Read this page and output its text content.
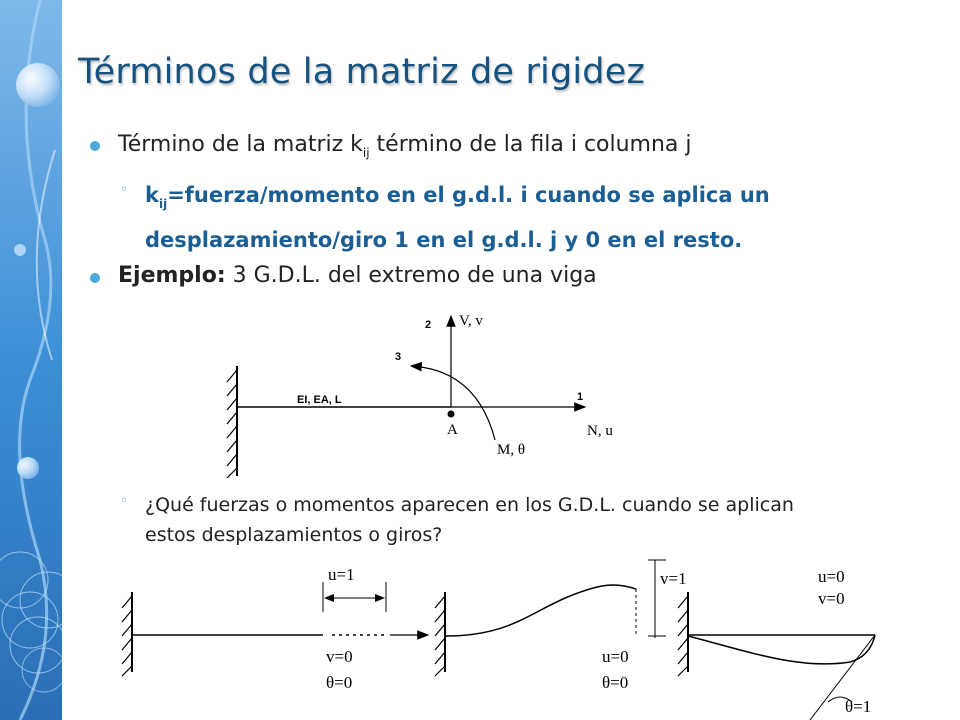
Términos de la matriz de rigidez
Término de la matriz $k_{ij}$ término de la fila i columna j
◦ $k_{ij}=fuerza$/momento en el g.d.l. i cuando se aplica un
desplazamiento/giro 1 en el g.d.l. j y 0 en el resto.
Ejemplo: 3 G.D.L. del extremo de una viga
EI, EA, L
A
1
2
3
V, v
N, u
M, θ
◦ ¿Qué fuerzas o momentos aparecen en los G.D.L. cuando se aplican
estos desplazamientos o giros?
u=1
v=0
θ=0
v=1
u=0
θ=0
u=0
v=0
θ=1
